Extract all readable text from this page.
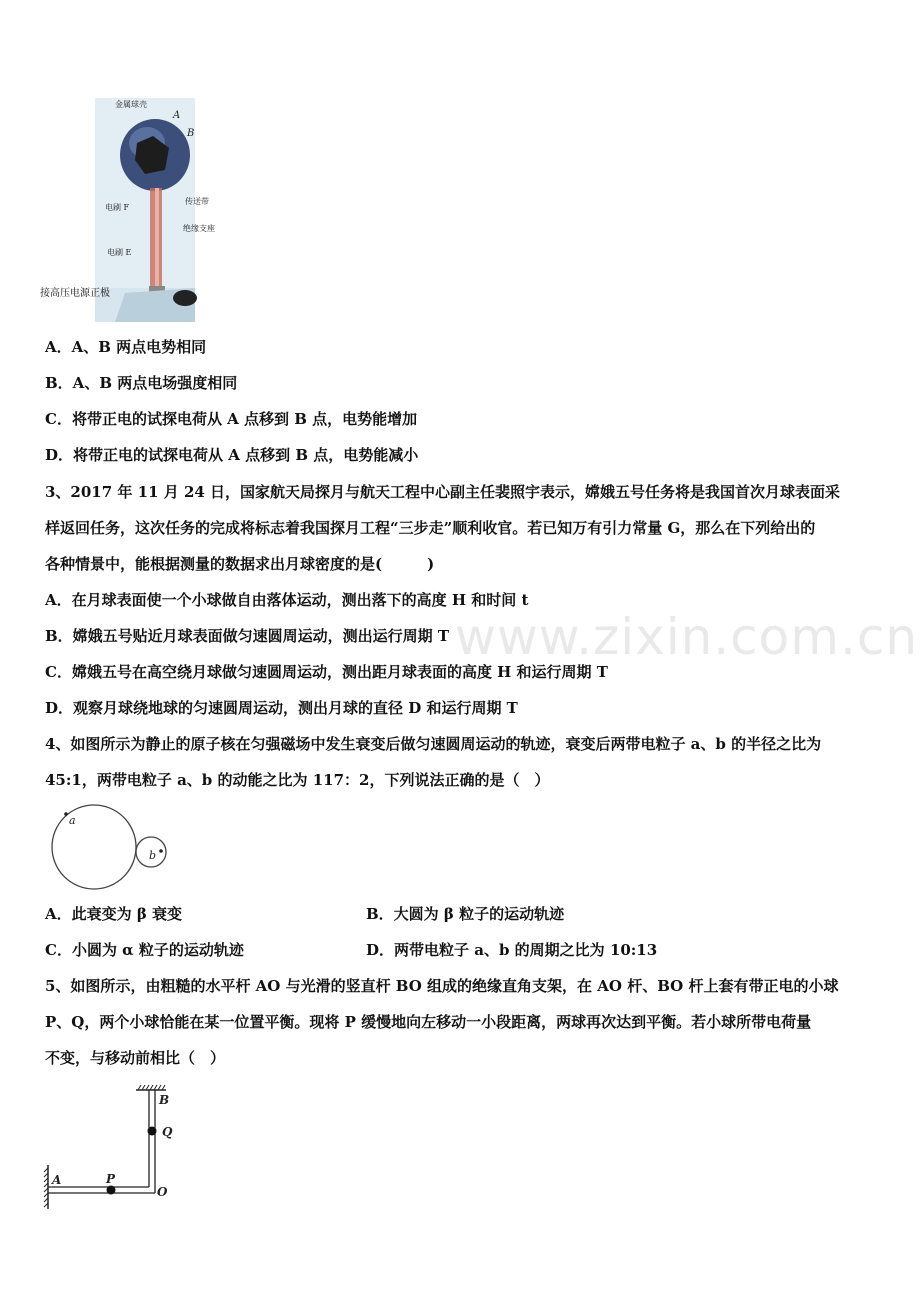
金属球壳
A
B
电刷 F
传送带
绝缘支座
电刷 E
接高压电源正极
A．A、B 两点电势相同
B．A、B 两点电场强度相同
C．将带正电的试探电荷从 A 点移到 B 点，电势能增加
D．将带正电的试探电荷从 A 点移到 B 点，电势能减小
3、2017 年 11 月 24 日，国家航天局探月与航天工程中心副主任裴照宇表示，嫦娥五号任务将是我国首次月球表面采
样返回任务，这次任务的完成将标志着我国探月工程“三步走”顺利收官。若已知万有引力常量 G，那么在下列给出的
各种情景中，能根据测量的数据求出月球密度的是(　　　)
A．在月球表面使一个小球做自由落体运动，测出落下的高度 H 和时间 t
B．嫦娥五号贴近月球表面做匀速圆周运动，测出运行周期 T
C．嫦娥五号在高空绕月球做匀速圆周运动，测出距月球表面的高度 H 和运行周期 T
D．观察月球绕地球的匀速圆周运动，测出月球的直径 D 和运行周期 T
www.zixin.com.cn
4、如图所示为静止的原子核在匀强磁场中发生衰变后做匀速圆周运动的轨迹，衰变后两带电粒子 a、b 的半径之比为
45:1，两带电粒子 a、b 的动能之比为 117：2，下列说法正确的是（　）
a
b
A．此衰变为 β 衰变	B．大圆为 β 粒子的运动轨迹
C．小圆为 α 粒子的运动轨迹	D．两带电粒子 a、b 的周期之比为 10:13
5、如图所示，由粗糙的水平杆 AO 与光滑的竖直杆 BO 组成的绝缘直角支架，在 AO 杆、BO 杆上套有带正电的小球
P、Q，两个小球恰能在某一位置平衡。现将 P 缓慢地向左移动一小段距离，两球再次达到平衡。若小球所带电荷量
不变，与移动前相比（　）
B
Q
A	P
O
